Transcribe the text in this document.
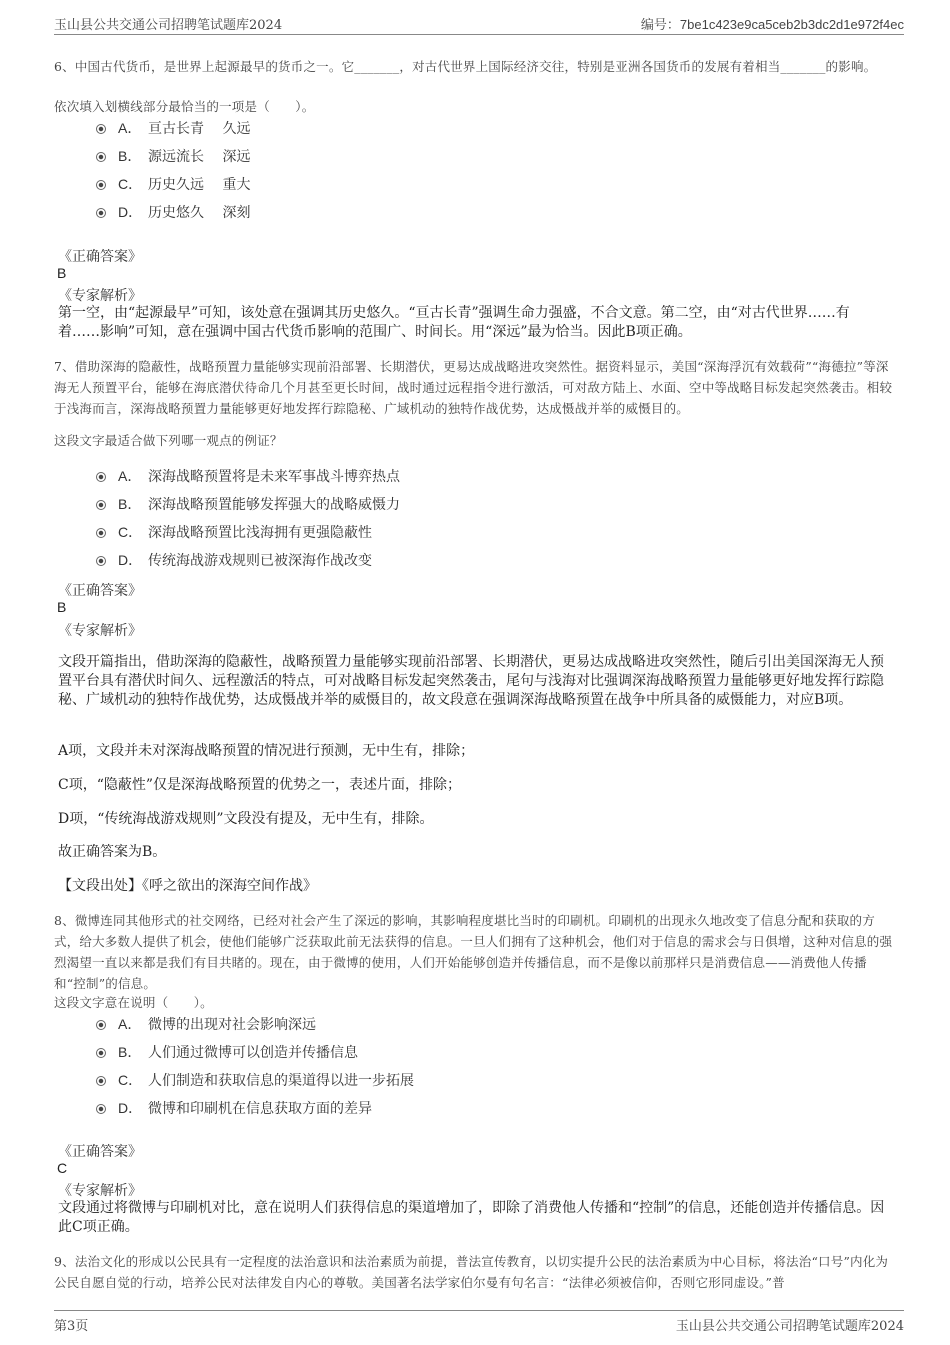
玉山县公共交通公司招聘笔试题库2024	编号：7be1c423e9ca5ceb2b3dc2d1e972f4ec
6、中国古代货币，是世界上起源最早的货币之一。它_______，对古代世界上国际经济交往，特别是亚洲各国货币的发展有着相当_______的影响。
依次填入划横线部分最恰当的一项是（　　）。
A． 亘古长青　 久远
B． 源远流长　 深远
C． 历史久远　 重大
D． 历史悠久　 深刻
《正确答案》
B
《专家解析》
第一空，由“起源最早”可知，该处意在强调其历史悠久。“亘古长青”强调生命力强盛，不合文意。第二空，由“对古代世界……有着……影响”可知，意在强调中国古代货币影响的范围广、时间长。用“深远”最为恰当。因此B项正确。
7、借助深海的隐蔽性，战略预置力量能够实现前沿部署、长期潜伏，更易达成战略进攻突然性。据资料显示，美国“深海浮沉有效载荷”“海德拉”等深海无人预置平台，能够在海底潜伏待命几个月甚至更长时间，战时通过远程指令进行激活，可对敌方陆上、水面、空中等战略目标发起突然袭击。相较于浅海而言，深海战略预置力量能够更好地发挥行踪隐秘、广域机动的独特作战优势，达成慑战并举的威慑目的。
这段文字最适合做下列哪一观点的例证？
A． 深海战略预置将是未来军事战斗博弈热点
B． 深海战略预置能够发挥强大的战略威慑力
C． 深海战略预置比浅海拥有更强隐蔽性
D． 传统海战游戏规则已被深海作战改变
《正确答案》
B
《专家解析》
文段开篇指出，借助深海的隐蔽性，战略预置力量能够实现前沿部署、长期潜伏，更易达成战略进攻突然性，随后引出美国深海无人预置平台具有潜伏时间久、远程激活的特点，可对战略目标发起突然袭击，尾句与浅海对比强调深海战略预置力量能够更好地发挥行踪隐秘、广域机动的独特作战优势，达成慑战并举的威慑目的，故文段意在强调深海战略预置在战争中所具备的威慑能力，对应B项。
A项，文段并未对深海战略预置的情况进行预测，无中生有，排除；
C项，“隐蔽性”仅是深海战略预置的优势之一，表述片面，排除；
D项，“传统海战游戏规则”文段没有提及，无中生有，排除。
故正确答案为B。
【文段出处】《呼之欲出的深海空间作战》
8、微博连同其他形式的社交网络，已经对社会产生了深远的影响，其影响程度堪比当时的印刷机。印刷机的出现永久地改变了信息分配和获取的方式，给大多数人提供了机会，使他们能够广泛获取此前无法获得的信息。一旦人们拥有了这种机会，他们对于信息的需求会与日俱增，这种对信息的强烈渴望一直以来都是我们有目共睹的。现在，由于微博的使用，人们开始能够创造并传播信息，而不是像以前那样只是消费信息——消费他人传播和“控制”的信息。
这段文字意在说明（　　）。
A． 微博的出现对社会影响深远
B． 人们通过微博可以创造并传播信息
C． 人们制造和获取信息的渠道得以进一步拓展
D． 微博和印刷机在信息获取方面的差异
《正确答案》
C
《专家解析》
文段通过将微博与印刷机对比，意在说明人们获得信息的渠道增加了，即除了消费他人传播和“控制”的信息，还能创造并传播信息。因此C项正确。
9、法治文化的形成以公民具有一定程度的法治意识和法治素质为前提，普法宣传教育，以切实提升公民的法治素质为中心目标，将法治“口号”内化为公民自愿自觉的行动，培养公民对法律发自内心的尊敬。美国著名法学家伯尔曼有句名言：“法律必须被信仰，否则它形同虚设。”普
第3页	玉山县公共交通公司招聘笔试题库2024
